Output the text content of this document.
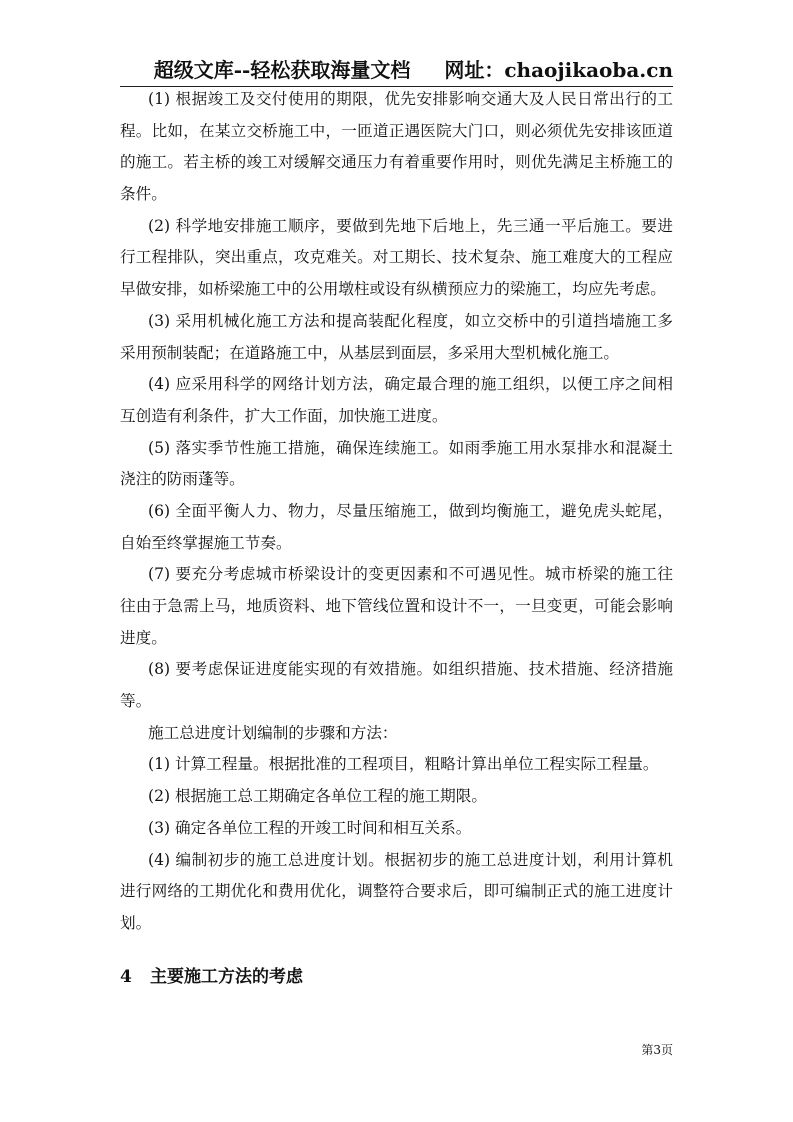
超级文库--轻松获取海量文档 网址：chaojikaoba.cn
(1) 根据竣工及交付使用的期限，优先安排影响交通大及人民日常出行的工
程。比如，在某立交桥施工中，一匝道正遇医院大门口，则必须优先安排该匝道
的施工。若主桥的竣工对缓解交通压力有着重要作用时，则优先满足主桥施工的
条件。
(2) 科学地安排施工顺序，要做到先地下后地上，先三通一平后施工。要进
行工程排队，突出重点，攻克难关。对工期长、技术复杂、施工难度大的工程应
早做安排，如桥梁施工中的公用墩柱或设有纵横预应力的梁施工，均应先考虑。
(3) 采用机械化施工方法和提高装配化程度，如立交桥中的引道挡墙施工多
采用预制装配；在道路施工中，从基层到面层，多采用大型机械化施工。
(4) 应采用科学的网络计划方法，确定最合理的施工组织，以便工序之间相
互创造有利条件，扩大工作面，加快施工进度。
(5) 落实季节性施工措施，确保连续施工。如雨季施工用水泵排水和混凝土
浇注的防雨蓬等。
(6) 全面平衡人力、物力，尽量压缩施工，做到均衡施工，避免虎头蛇尾，
自始至终掌握施工节奏。
(7) 要充分考虑城市桥梁设计的变更因素和不可遇见性。城市桥梁的施工往
往由于急需上马，地质资料、地下管线位置和设计不一，一旦变更，可能会影响
进度。
(8) 要考虑保证进度能实现的有效措施。如组织措施、技术措施、经济措施
等。
施工总进度计划编制的步骤和方法：
(1) 计算工程量。根据批准的工程项目，粗略计算出单位工程实际工程量。
(2) 根据施工总工期确定各单位工程的施工期限。
(3) 确定各单位工程的开竣工时间和相互关系。
(4) 编制初步的施工总进度计划。根据初步的施工总进度计划，利用计算机
进行网络的工期优化和费用优化，调整符合要求后，即可编制正式的施工进度计
划。
4 主要施工方法的考虑
第3页
